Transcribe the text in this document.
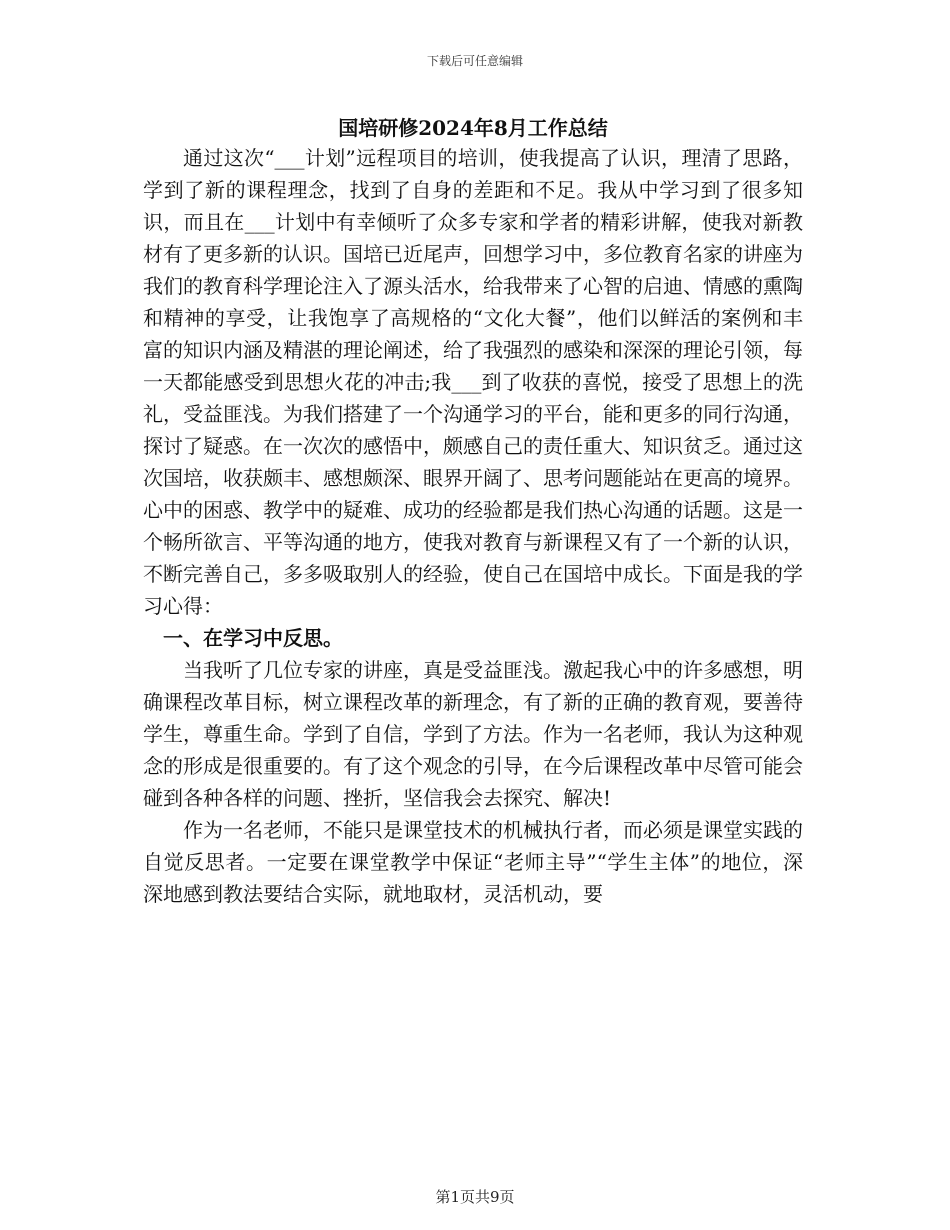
下载后可任意编辑
国培研修2024年8月工作总结

通过这次“___计划”远程项目的培训，使我提高了认识，理清了思路，学到了新的课程理念，找到了自身的差距和不足。我从中学习到了很多知识，而且在___计划中有幸倾听了众多专家和学者的精彩讲解，使我对新教材有了更多新的认识。国培已近尾声，回想学习中，多位教育名家的讲座为我们的教育科学理论注入了源头活水，给我带来了心智的启迪、情感的熏陶和精神的享受，让我饱享了高规格的“文化大餐”，他们以鲜活的案例和丰富的知识内涵及精湛的理论阐述，给了我强烈的感染和深深的理论引领，每一天都能感受到思想火花的冲击;我___到了收获的喜悦，接受了思想上的洗礼，受益匪浅。为我们搭建了一个沟通学习的平台，能和更多的同行沟通，探讨了疑惑。在一次次的感悟中，颇感自己的责任重大、知识贫乏。通过这次国培，收获颇丰、感想颇深、眼界开阔了、思考问题能站在更高的境界。心中的困惑、教学中的疑难、成功的经验都是我们热心沟通的话题。这是一个畅所欲言、平等沟通的地方，使我对教育与新课程又有了一个新的认识，不断完善自己，多多吸取别人的经验，使自己在国培中成长。下面是我的学习心得：

一、在学习中反思。

当我听了几位专家的讲座，真是受益匪浅。激起我心中的许多感想，明确课程改革目标，树立课程改革的新理念，有了新的正确的教育观，要善待学生，尊重生命。学到了自信，学到了方法。作为一名老师，我认为这种观念的形成是很重要的。有了这个观念的引导，在今后课程改革中尽管可能会碰到各种各样的问题、挫折，坚信我会去探究、解决!

作为一名老师，不能只是课堂技术的机械执行者，而必须是课堂实践的自觉反思者。一定要在课堂教学中保证“老师主导”“学生主体”的地位，深深地感到教法要结合实际，就地取材，灵活机动，要

第1页共9页
